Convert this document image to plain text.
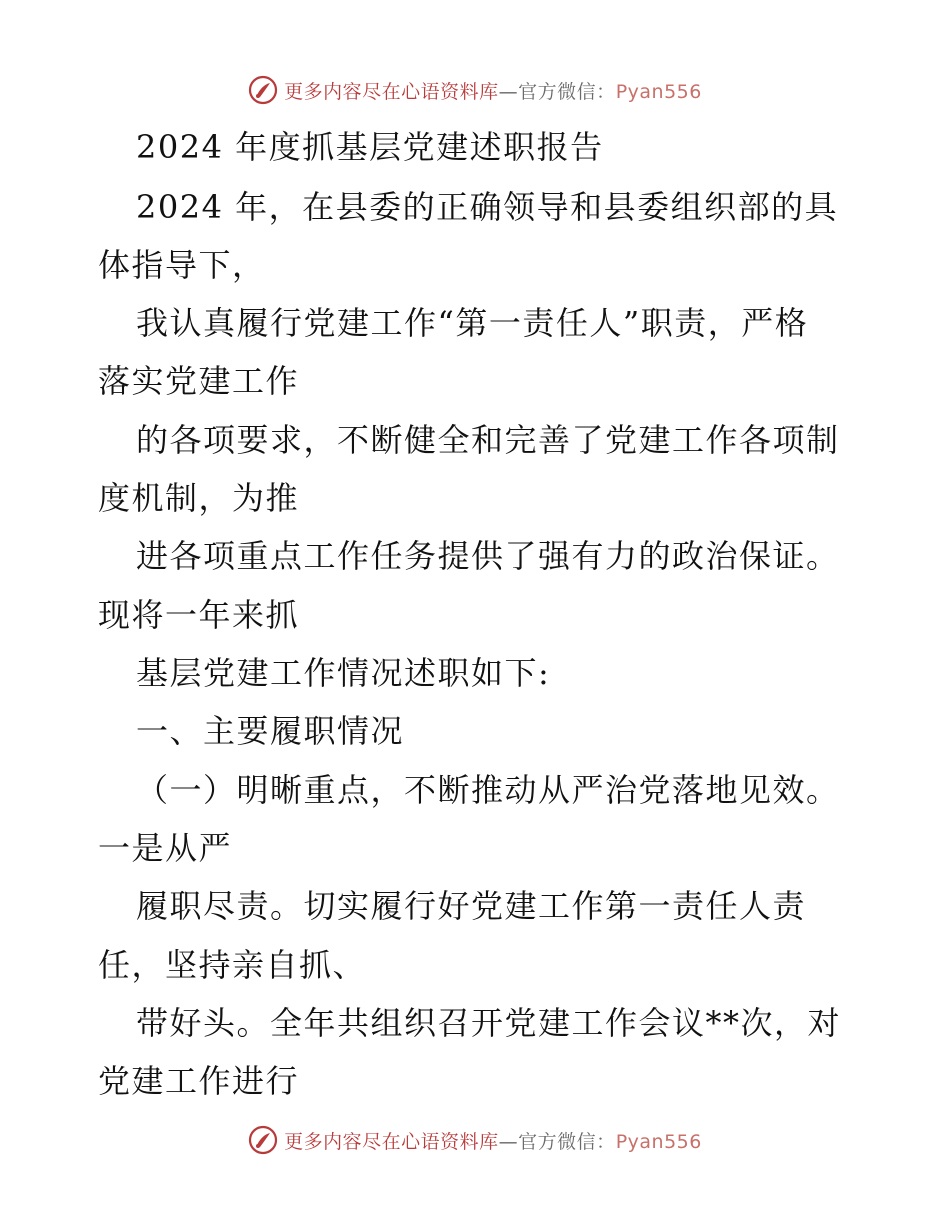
更多内容尽在心语资料库—官方微信：Pyan556
2024 年度抓基层党建述职报告
2024 年，在县委的正确领导和县委组织部的具
体指导下，
我认真履行党建工作“第一责任人”职责，严格
落实党建工作
的各项要求，不断健全和完善了党建工作各项制
度机制，为推
进各项重点工作任务提供了强有力的政治保证。
现将一年来抓
基层党建工作情况述职如下:
一、主要履职情况
（一）明晰重点，不断推动从严治党落地见效。
一是从严
履职尽责。切实履行好党建工作第一责任人责
任，坚持亲自抓、
带好头。全年共组织召开党建工作会议**次，对
党建工作进行
更多内容尽在心语资料库—官方微信：Pyan556
